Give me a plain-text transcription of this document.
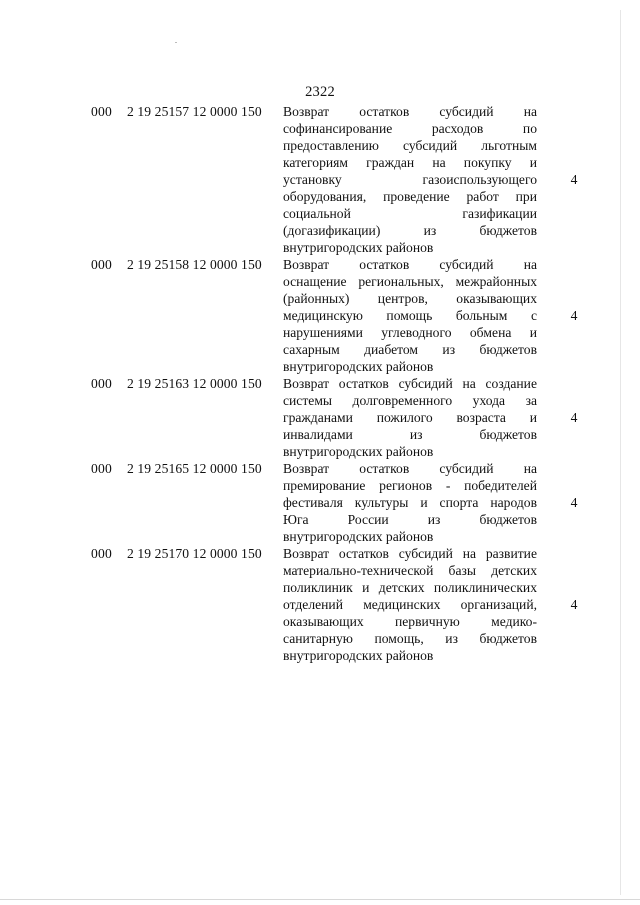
2322
000 2 19 25157 12 0000 150 Возврат остатков субсидий на
софинансирование расходов по
предоставлению субсидий льготным
категориям граждан на покупку и
установку газоиспользующего
оборудования, проведение работ при
социальной газификации
(догазификации) из бюджетов
внутригородских районов
4
000 2 19 25158 12 0000 150 Возврат остатков субсидий на
оснащение региональных, межрайонных
(районных) центров, оказывающих
медицинскую помощь больным с
нарушениями углеводного обмена и
сахарным диабетом из бюджетов
внутригородских районов
4
000 2 19 25163 12 0000 150 Возврат остатков субсидий на создание
системы долговременного ухода за
гражданами пожилого возраста и
инвалидами из бюджетов
внутригородских районов
4
000 2 19 25165 12 0000 150 Возврат остатков субсидий на
премирование регионов - победителей
фестиваля культуры и спорта народов
Юга России из бюджетов
внутригородских районов
4
000 2 19 25170 12 0000 150 Возврат остатков субсидий на развитие
материально-технической базы детских
поликлиник и детских поликлинических
отделений медицинских организаций,
оказывающих первичную медико-
санитарную помощь, из бюджетов
внутригородских районов
4
